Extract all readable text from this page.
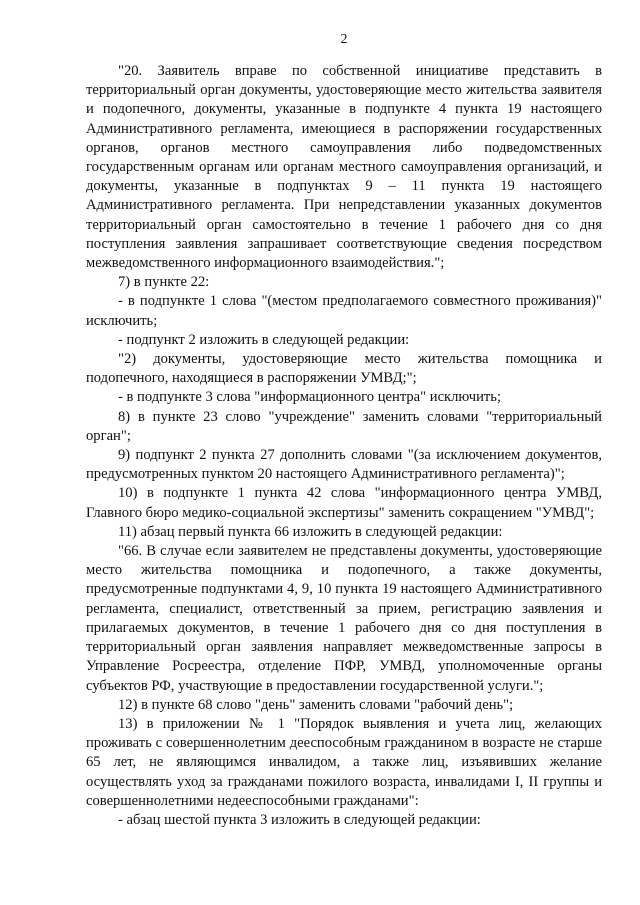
2

"20. Заявитель вправе по собственной инициативе представить в территориальный орган документы, удостоверяющие место жительства заявителя и подопечного, документы, указанные в подпункте 4 пункта 19 настоящего Административного регламента, имеющиеся в распоряжении государственных органов, органов местного самоуправления либо подведомственных государственным органам или органам местного самоуправления организаций, и документы, указанные в подпунктах 9 – 11 пункта 19 настоящего Административного регламента. При непредставлении указанных документов территориальный орган самостоятельно в течение 1 рабочего дня со дня поступления заявления запрашивает соответствующие сведения посредством межведомственного информационного взаимодействия.";

7) в пункте 22:

- в подпункте 1 слова "(местом предполагаемого совместного проживания)" исключить;

- подпункт 2 изложить в следующей редакции:

"2) документы, удостоверяющие место жительства помощника и подопечного, находящиеся в распоряжении УМВД;";

- в подпункте 3 слова "информационного центра" исключить;

8) в пункте 23 слово "учреждение" заменить словами "территориальный орган";

9) подпункт 2 пункта 27 дополнить словами "(за исключением документов, предусмотренных пунктом 20 настоящего Административного регламента)";

10) в подпункте 1 пункта 42 слова "информационного центра УМВД, Главного бюро медико-социальной экспертизы" заменить сокращением "УМВД";

11) абзац первый пункта 66 изложить в следующей редакции:

"66. В случае если заявителем не представлены документы, удостоверяющие место жительства помощника и подопечного, а также документы, предусмотренные подпунктами 4, 9, 10 пункта 19 настоящего Административного регламента, специалист, ответственный за прием, регистрацию заявления и прилагаемых документов, в течение 1 рабочего дня со дня поступления в территориальный орган заявления направляет межведомственные запросы в Управление Росреестра, отделение ПФР, УМВД, уполномоченные органы субъектов РФ, участвующие в предоставлении государственной услуги.";

12) в пункте 68 слово "день" заменить словами "рабочий день";

13) в приложении № 1 "Порядок выявления и учета лиц, желающих проживать с совершеннолетним дееспособным гражданином в возрасте не старше 65 лет, не являющимся инвалидом, а также лиц, изъявивших желание осуществлять уход за гражданами пожилого возраста, инвалидами I, II группы и совершеннолетними недееспособными гражданами":

- абзац шестой пункта 3 изложить в следующей редакции:
